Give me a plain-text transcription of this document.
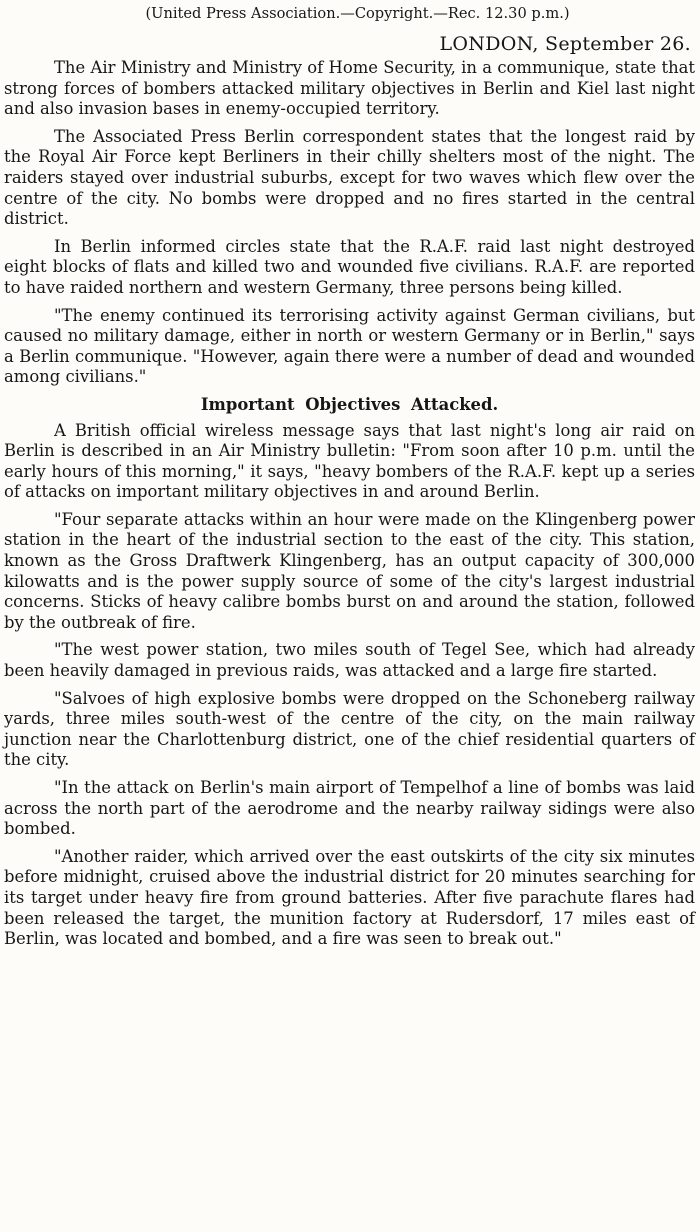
(United Press Association.—Copyright.—Rec. 12.30 p.m.)
LONDON, September 26.

The Air Ministry and Ministry of Home Security, in a communique, state that strong forces of bombers attacked military objectives in Berlin and Kiel last night and also invasion bases in enemy-occupied territory.

The Associated Press Berlin correspondent states that the longest raid by the Royal Air Force kept Berliners in their chilly shelters most of the night. The raiders stayed over industrial suburbs, except for two waves which flew over the centre of the city. No bombs were dropped and no fires started in the central district.

In Berlin informed circles state that the R.A.F. raid last night destroyed eight blocks of flats and killed two and wounded five civilians. R.A.F. are reported to have raided northern and western Germany, three persons being killed.

"The enemy continued its terrorising activity against German civilians, but caused no military damage, either in north or western Germany or in Berlin," says a Berlin communique. "However, again there were a number of dead and wounded among civilians."

Important Objectives Attacked.

A British official wireless message says that last night's long air raid on Berlin is described in an Air Ministry bulletin: "From soon after 10 p.m. until the early hours of this morning," it says, "heavy bombers of the R.A.F. kept up a series of attacks on important military objectives in and around Berlin.

"Four separate attacks within an hour were made on the Klingenberg power station in the heart of the industrial section to the east of the city. This station, known as the Gross Draftwerk Klingenberg, has an output capacity of 300,000 kilowatts and is the power supply source of some of the city's largest industrial concerns. Sticks of heavy calibre bombs burst on and around the station, followed by the outbreak of fire.

"The west power station, two miles south of Tegel See, which had already been heavily damaged in previous raids, was attacked and a large fire started.

"Salvoes of high explosive bombs were dropped on the Schoneberg railway yards, three miles south-west of the centre of the city, on the main railway junction near the Charlottenburg district, one of the chief residential quarters of the city.

"In the attack on Berlin's main airport of Tempelhof a line of bombs was laid across the north part of the aerodrome and the nearby railway sidings were also bombed.

"Another raider, which arrived over the east outskirts of the city six minutes before midnight, cruised above the industrial district for 20 minutes searching for its target under heavy fire from ground batteries. After five parachute flares had been released the target, the munition factory at Rudersdorf, 17 miles east of Berlin, was located and bombed, and a fire was seen to break out."
